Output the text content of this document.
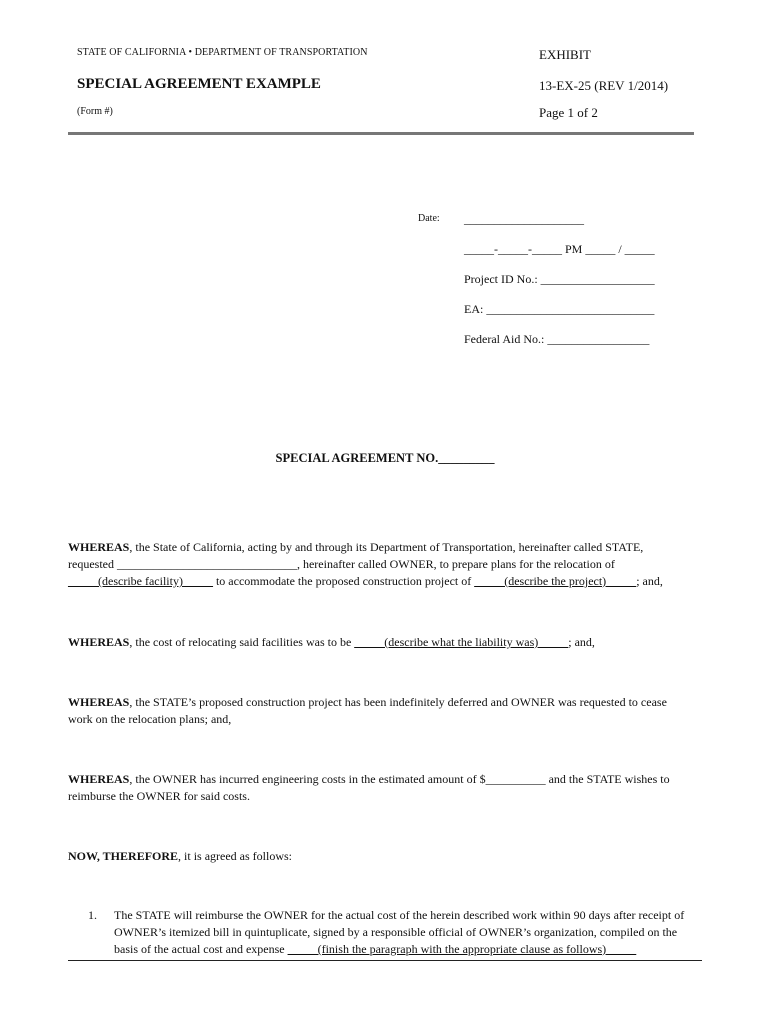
STATE OF CALIFORNIA • DEPARTMENT OF TRANSPORTATION	EXHIBIT
SPECIAL AGREEMENT EXAMPLE	13-EX-25 (REV 1/2014)
(Form #)	Page 1 of 2
Date: ____________________
_____-_____-_____ PM _____ / _____
Project ID No.: ___________________
EA: ____________________________
Federal Aid No.: _________________
SPECIAL AGREEMENT NO._________
WHEREAS, the State of California, acting by and through its Department of Transportation, hereinafter called STATE,
requested ______________________________, hereinafter called OWNER, to prepare plans for the relocation of
_____(describe facility)_____ to accommodate the proposed construction project of _____(describe the project)_____; and,
WHEREAS, the cost of relocating said facilities was to be _____(describe what the liability was)_____; and,
WHEREAS, the STATE’s proposed construction project has been indefinitely deferred and OWNER was requested to cease
work on the relocation plans; and,
WHEREAS, the OWNER has incurred engineering costs in the estimated amount of $__________ and the STATE wishes to
reimburse the OWNER for said costs.
NOW, THEREFORE, it is agreed as follows:
1. The STATE will reimburse the OWNER for the actual cost of the herein described work within 90 days after receipt of
OWNER’s itemized bill in quintuplicate, signed by a responsible official of OWNER’s organization, compiled on the
basis of the actual cost and expense _____(finish the paragraph with the appropriate clause as follows)_____
